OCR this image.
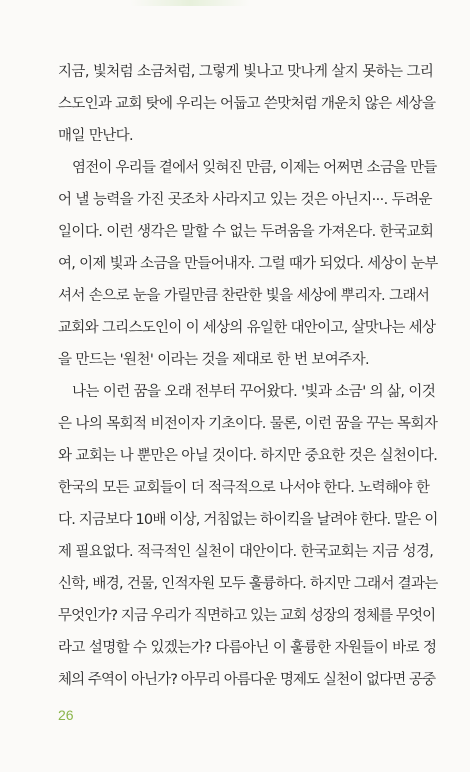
지금, 빛처럼 소금처럼, 그렇게 빛나고 맛나게 살지 못하는 그리
스도인과 교회 탓에 우리는 어둡고 쓴맛처럼 개운치 않은 세상을
매일 만난다.
염전이 우리들 곁에서 잊혀진 만큼, 이제는 어쩌면 소금을 만들
어 낼 능력을 가진 곳조차 사라지고 있는 것은 아닌지···. 두려운
일이다. 이런 생각은 말할 수 없는 두려움을 가져온다. 한국교회
여, 이제 빛과 소금을 만들어내자. 그럴 때가 되었다. 세상이 눈부
셔서 손으로 눈을 가릴만큼 찬란한 빛을 세상에 뿌리자. 그래서
교회와 그리스도인이 이 세상의 유일한 대안이고, 살맛나는 세상
을 만드는 '원천' 이라는 것을 제대로 한 번 보여주자.
나는 이런 꿈을 오래 전부터 꾸어왔다. '빛과 소금' 의 삶, 이것
은 나의 목회적 비전이자 기초이다. 물론, 이런 꿈을 꾸는 목회자
와 교회는 나 뿐만은 아닐 것이다. 하지만 중요한 것은 실천이다.
한국의 모든 교회들이 더 적극적으로 나서야 한다. 노력해야 한
다. 지금보다 10배 이상, 거침없는 하이킥을 날려야 한다. 말은 이
제 필요없다. 적극적인 실천이 대안이다. 한국교회는 지금 성경,
신학, 배경, 건물, 인적자원 모두 훌륭하다. 하지만 그래서 결과는
무엇인가? 지금 우리가 직면하고 있는 교회 성장의 정체를 무엇이
라고 설명할 수 있겠는가? 다름아닌 이 훌륭한 자원들이 바로 정
체의 주역이 아닌가? 아무리 아름다운 명제도 실천이 없다면 공중
26
